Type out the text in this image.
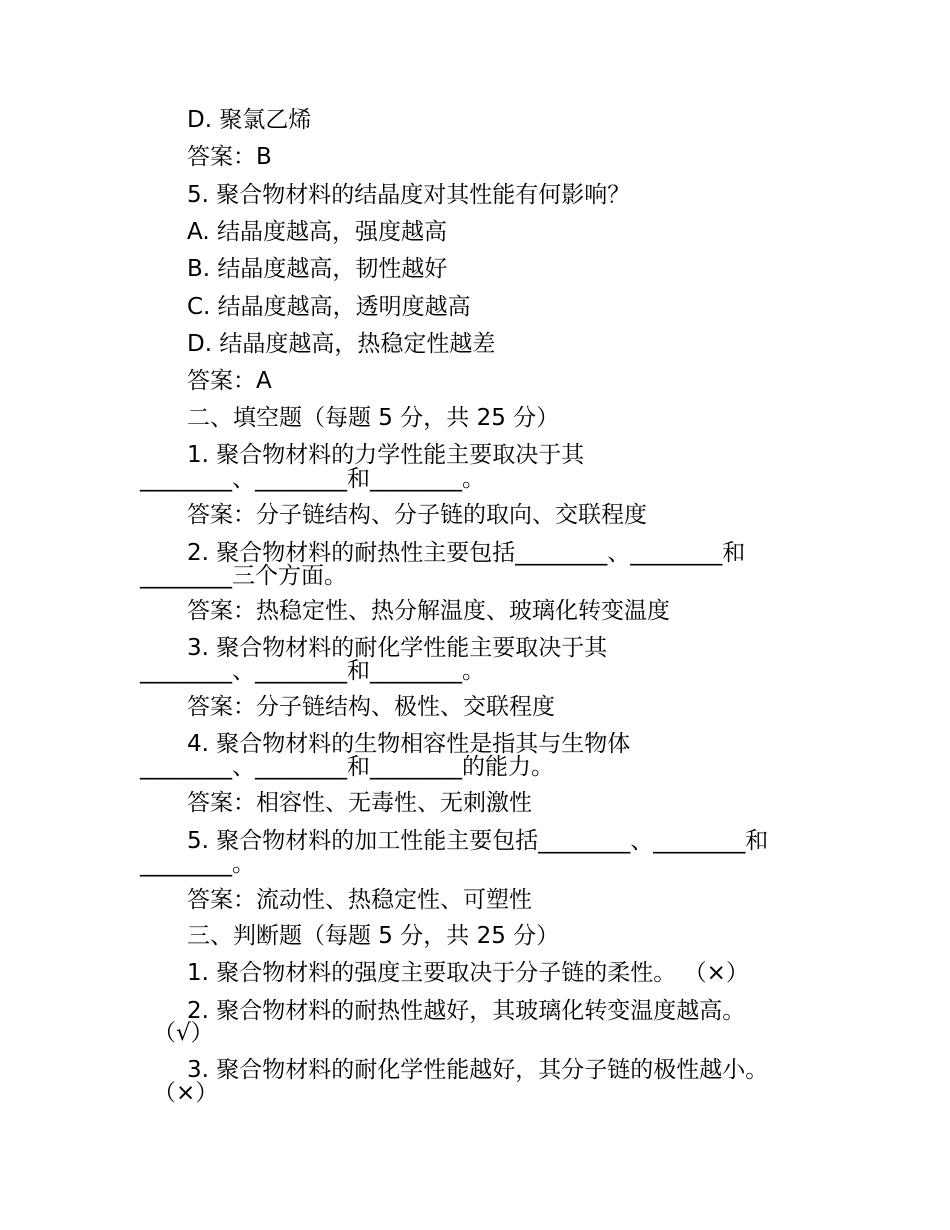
D. 聚氯乙烯
答案：B
5. 聚合物材料的结晶度对其性能有何影响？
A. 结晶度越高，强度越高
B. 结晶度越高，韧性越好
C. 结晶度越高，透明度越高
D. 结晶度越高，热稳定性越差
答案：A
二、填空题（每题 5 分，共 25 分）
1. 聚合物材料的力学性能主要取决于其
________、________和________。
答案：分子链结构、分子链的取向、交联程度
2. 聚合物材料的耐热性主要包括________、________和
________三个方面。
答案：热稳定性、热分解温度、玻璃化转变温度
3. 聚合物材料的耐化学性能主要取决于其
________、________和________。
答案：分子链结构、极性、交联程度
4. 聚合物材料的生物相容性是指其与生物体
________、________和________的能力。
答案：相容性、无毒性、无刺激性
5. 聚合物材料的加工性能主要包括________、________和
________。
答案：流动性、热稳定性、可塑性
三、判断题（每题 5 分，共 25 分）
1. 聚合物材料的强度主要取决于分子链的柔性。 （×）
2. 聚合物材料的耐热性越好，其玻璃化转变温度越高。
（√）
3. 聚合物材料的耐化学性能越好，其分子链的极性越小。
（×）
